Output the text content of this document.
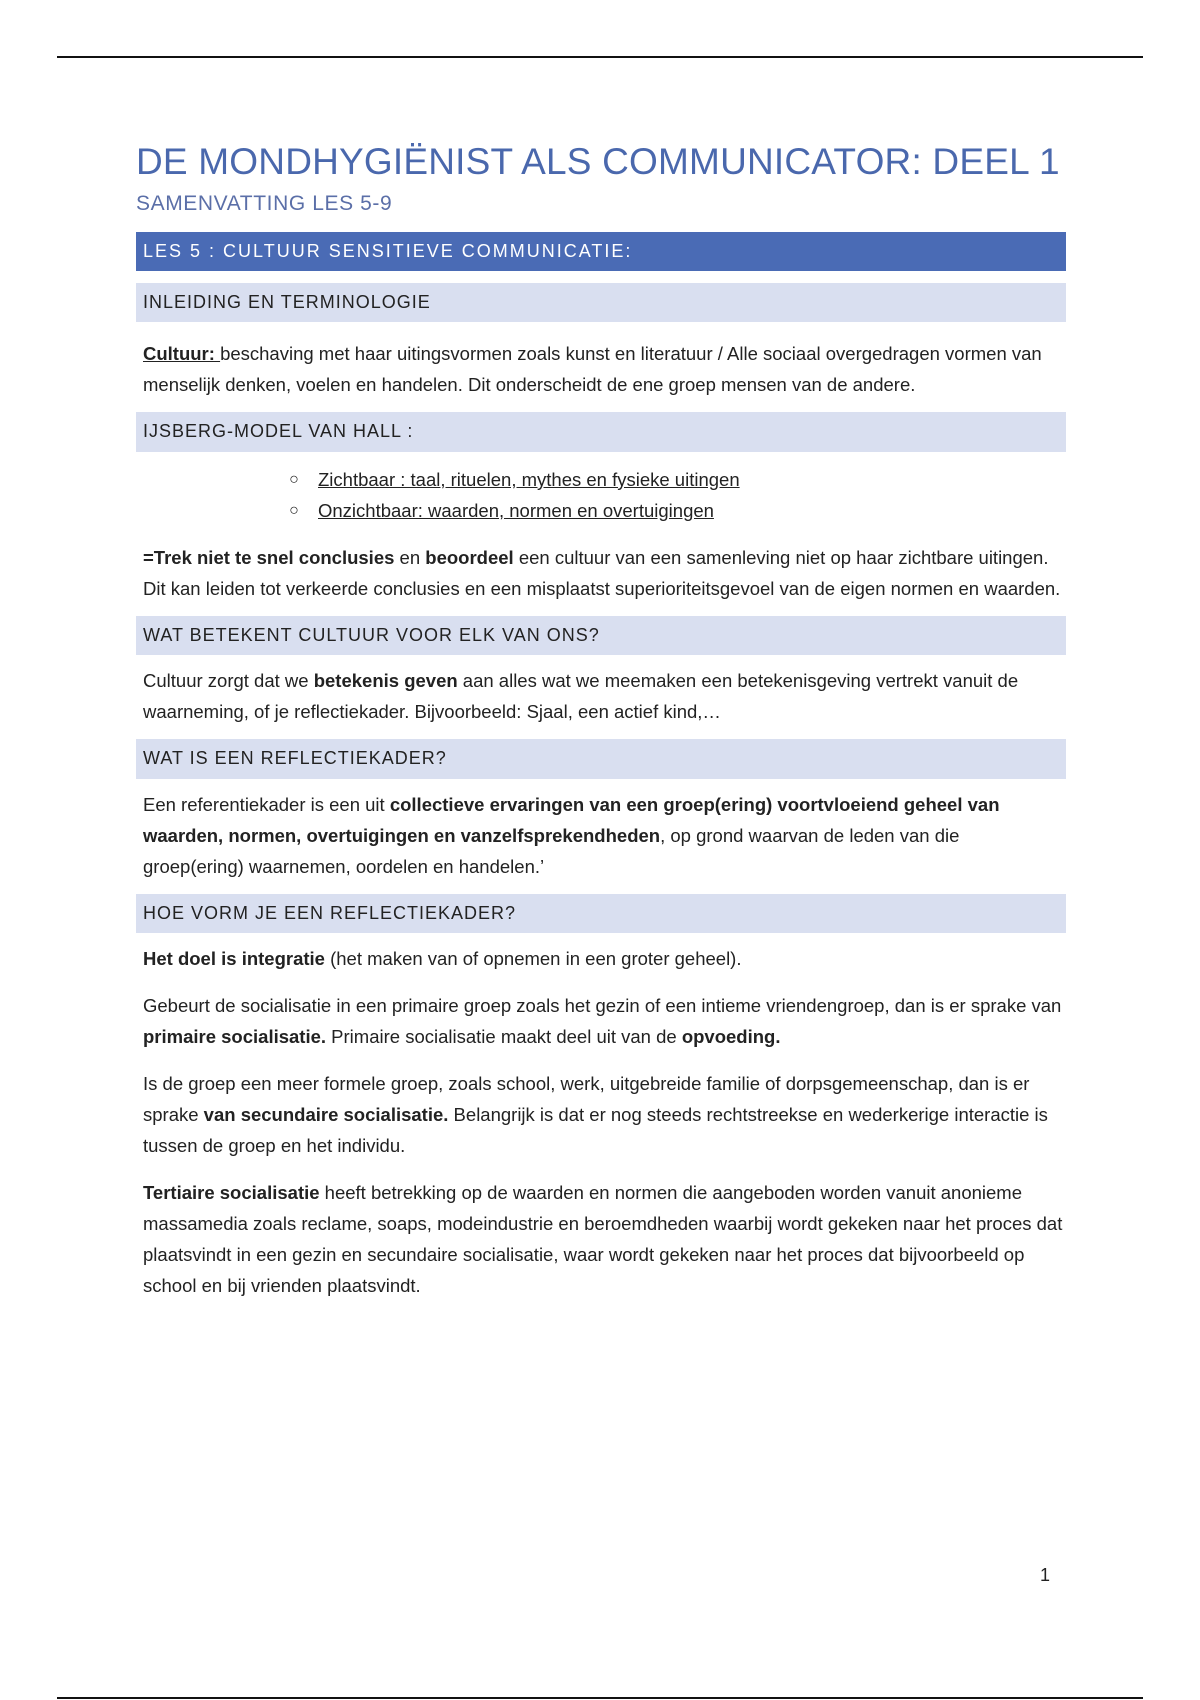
DE MONDHYGIËNIST ALS COMMUNICATOR: DEEL 1
SAMENVATTING LES 5-9
LES 5 : CULTUUR SENSITIEVE COMMUNICATIE:
INLEIDING EN TERMINOLOGIE

Cultuur: beschaving met haar uitingsvormen zoals kunst en literatuur / Alle sociaal overgedragen vormen van menselijk denken, voelen en handelen. Dit onderscheidt de ene groep mensen van de andere.

IJSBERG-MODEL VAN HALL :
○ Zichtbaar : taal, rituelen, mythes en fysieke uitingen
○ Onzichtbaar: waarden, normen en overtuigingen

=Trek niet te snel conclusies en beoordeel een cultuur van een samenleving niet op haar zichtbare uitingen. Dit kan leiden tot verkeerde conclusies en een misplaatst superioriteitsgevoel van de eigen normen en waarden.

WAT BETEKENT CULTUUR VOOR ELK VAN ONS?

Cultuur zorgt dat we betekenis geven aan alles wat we meemaken een betekenisgeving vertrekt vanuit de waarneming, of je reflectiekader. Bijvoorbeeld: Sjaal, een actief kind,…

WAT IS EEN REFLECTIEKADER?

Een referentiekader is een uit collectieve ervaringen van een groep(ering) voortvloeiend geheel van waarden, normen, overtuigingen en vanzelfsprekendheden, op grond waarvan de leden van die groep(ering) waarnemen, oordelen en handelen.’

HOE VORM JE EEN REFLECTIEKADER?

Het doel is integratie (het maken van of opnemen in een groter geheel).

Gebeurt de socialisatie in een primaire groep zoals het gezin of een intieme vriendengroep, dan is er sprake van primaire socialisatie. Primaire socialisatie maakt deel uit van de opvoeding.

Is de groep een meer formele groep, zoals school, werk, uitgebreide familie of dorpsgemeenschap, dan is er sprake van secundaire socialisatie. Belangrijk is dat er nog steeds rechtstreekse en wederkerige interactie is tussen de groep en het individu.

Tertiaire socialisatie heeft betrekking op de waarden en normen die aangeboden worden vanuit anonieme massamedia zoals reclame, soaps, modeindustrie en beroemdheden waarbij wordt gekeken naar het proces dat plaatsvindt in een gezin en secundaire socialisatie, waar wordt gekeken naar het proces dat bijvoorbeeld op school en bij vrienden plaatsvindt.

1
